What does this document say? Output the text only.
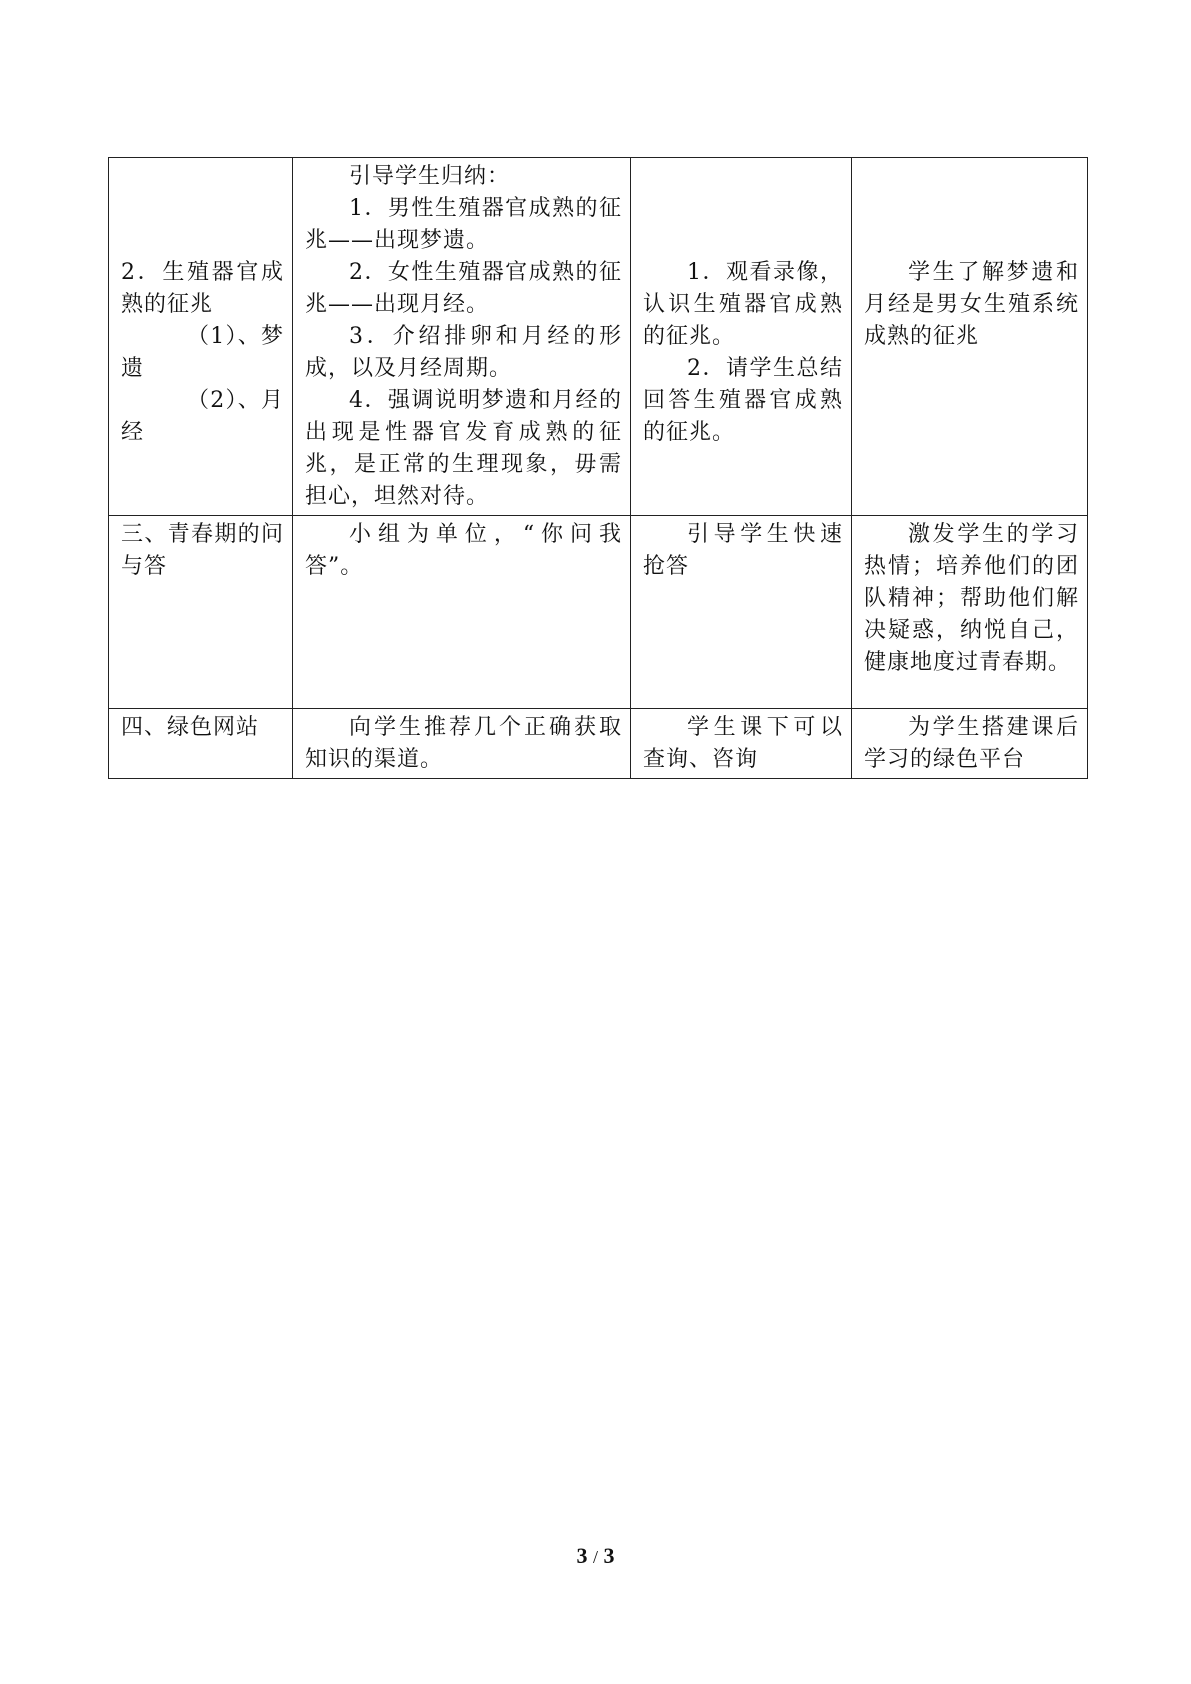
2．生殖器官成熟的征兆
（1）、梦遗
（2）、月经	引导学生归纳：
1．男性生殖器官成熟的征兆——出现梦遗。
2．女性生殖器官成熟的征兆——出现月经。
3．介绍排卵和月经的形成，以及月经周期。
4．强调说明梦遗和月经的出现是性器官发育成熟的征兆，是正常的生理现象，毋需担心，坦然对待。	1．观看录像，认识生殖器官成熟的征兆。
2．请学生总结回答生殖器官成熟的征兆。	学生了解梦遗和月经是男女生殖系统成熟的征兆

三、青春期的问与答	小组为单位，“你问我答”。	引导学生快速抢答	激发学生的学习热情；培养他们的团队精神；帮助他们解决疑惑，纳悦自己，健康地度过青春期。

四、绿色网站	向学生推荐几个正确获取知识的渠道。	学生课下可以查询、咨询	为学生搭建课后学习的绿色平台
3 / 3
